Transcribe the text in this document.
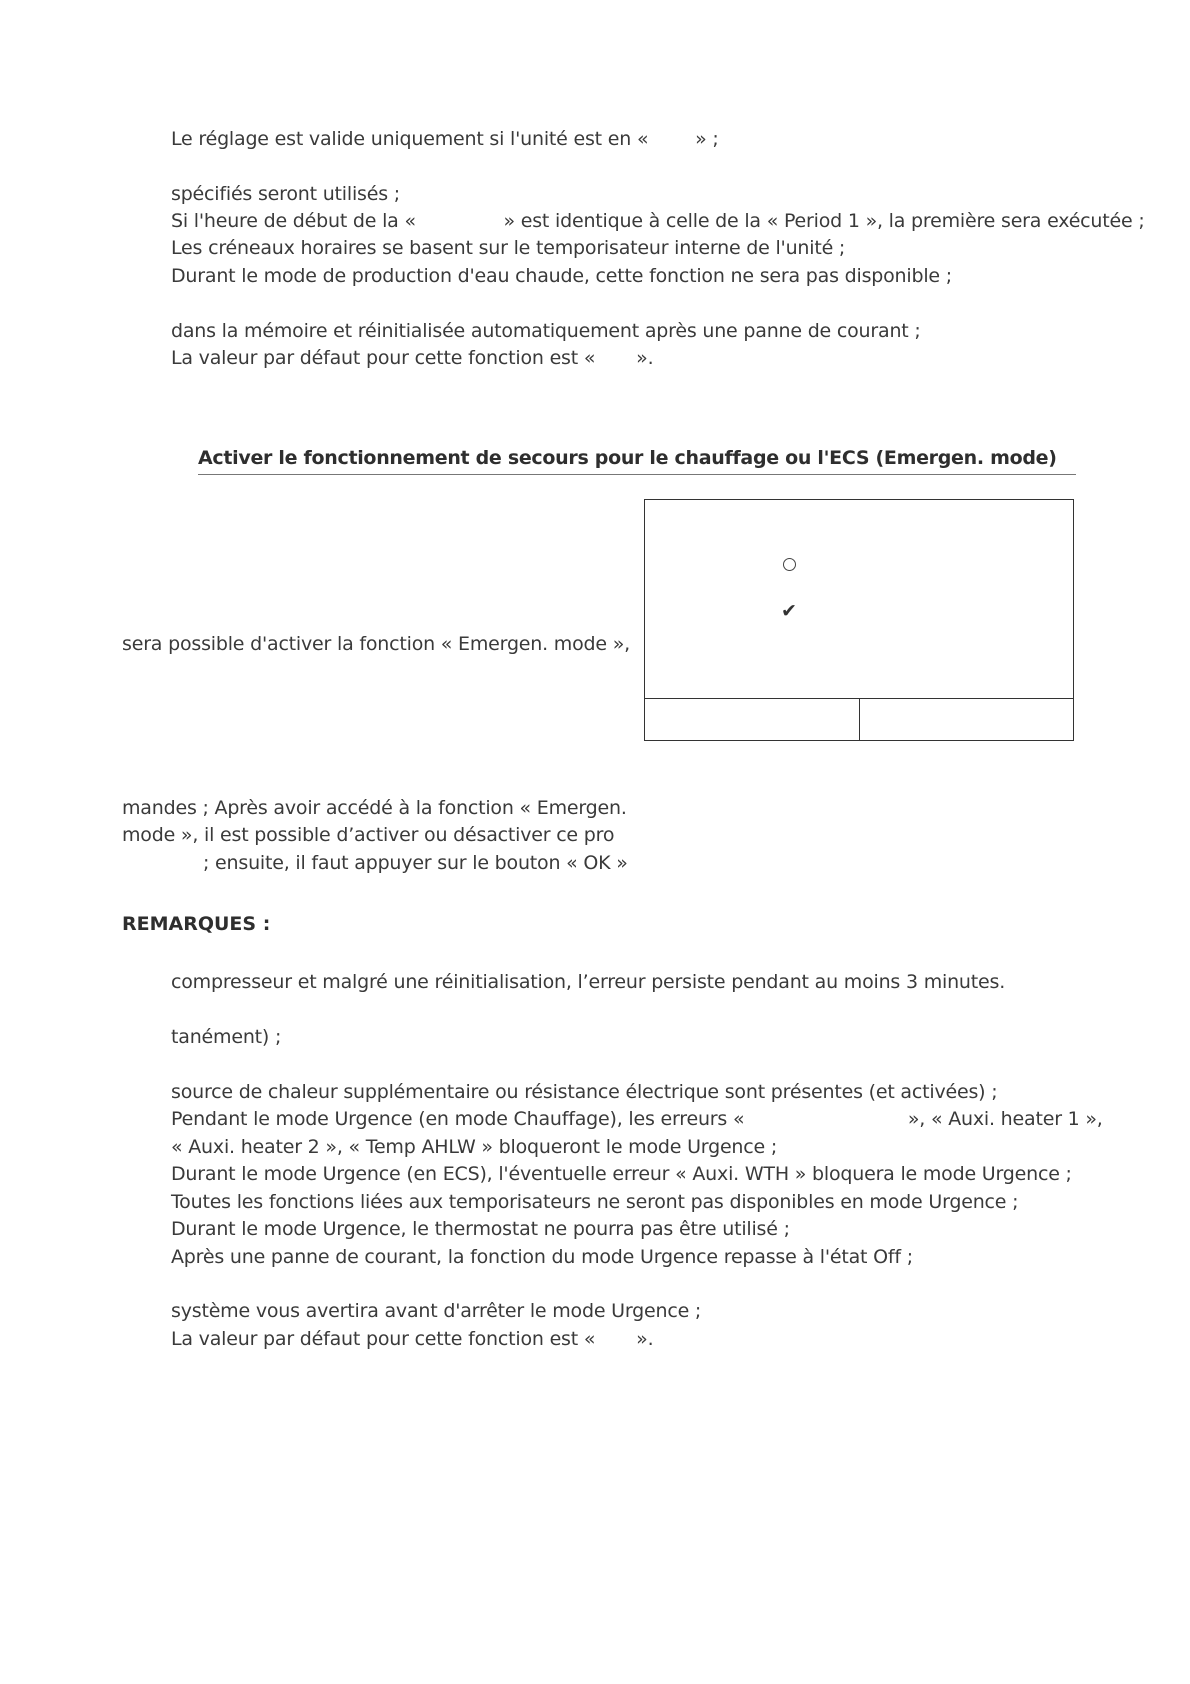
Le réglage est valide uniquement si l'unité est en «        » ;

spécifiés seront utilisés ;

Si l'heure de début de la «               » est identique à celle de la « Period 1 », la première sera exécutée ;

Les créneaux horaires se basent sur le temporisateur interne de l'unité ;

Durant le mode de production d'eau chaude, cette fonction ne sera pas disponible ;

dans la mémoire et réinitialisée automatiquement après une panne de courant ;

La valeur par défaut pour cette fonction est «       ».

Activer le fonctionnement de secours pour le chauffage ou l'ECS (Emergen. mode)
✔

sera possible d'activer la fonction « Emergen. mode »,

mandes ; Après avoir accédé à la fonction « Emergen.

mode », il est possible d’activer ou désactiver ce pro

; ensuite, il faut appuyer sur le bouton « OK »

REMARQUES :

compresseur et malgré une réinitialisation, l’erreur persiste pendant au moins 3 minutes.

tanément) ;

source de chaleur supplémentaire ou résistance électrique sont présentes (et activées) ;

Pendant le mode Urgence (en mode Chauffage), les erreurs «                            », « Auxi. heater 1 »,

« Auxi. heater 2 », « Temp AHLW » bloqueront le mode Urgence ;

Durant le mode Urgence (en ECS), l'éventuelle erreur « Auxi. WTH » bloquera le mode Urgence ;

Toutes les fonctions liées aux temporisateurs ne seront pas disponibles en mode Urgence ;

Durant le mode Urgence, le thermostat ne pourra pas être utilisé ;

Après une panne de courant, la fonction du mode Urgence repasse à l'état Off ;

système vous avertira avant d'arrêter le mode Urgence ;

La valeur par défaut pour cette fonction est «       ».
